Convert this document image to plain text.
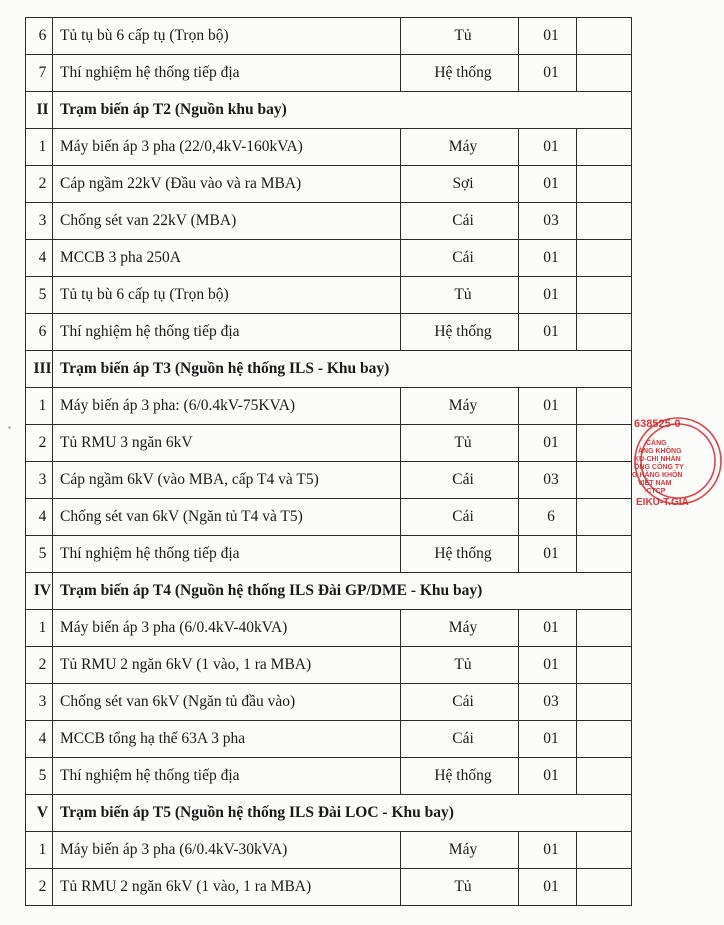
6	Tủ tụ bù 6 cấp tụ (Trọn bộ)	Tủ	01	
7	Thí nghiệm hệ thống tiếp địa	Hệ thống	01	
II	Trạm biến áp T2 (Nguồn khu bay)			
1	Máy biến áp 3 pha (22/0,4kV-160kVA)	Máy	01	
2	Cáp ngầm 22kV (Đầu vào và ra MBA)	Sợi	01	
3	Chống sét van 22kV (MBA)	Cái	03	
4	MCCB 3 pha 250A	Cái	01	
5	Tủ tụ bù 6 cấp tụ (Trọn bộ)	Tủ	01	
6	Thí nghiệm hệ thống tiếp địa	Hệ thống	01	
III	Trạm biến áp T3 (Nguồn hệ thống ILS - Khu bay)			
1	Máy biến áp 3 pha: (6/0.4kV-75KVA)	Máy	01	
2	Tủ RMU 3 ngăn 6kV	Tủ	01	
3	Cáp ngầm 6kV (vào MBA, cấp T4 và T5)	Cái	03	
4	Chống sét van 6kV (Ngăn tủ T4 và T5)	Cái	6	
5	Thí nghiệm hệ thống tiếp địa	Hệ thống	01	
IV	Trạm biến áp T4 (Nguồn hệ thống ILS Đài GP/DME - Khu bay)			
1	Máy biến áp 3 pha (6/0.4kV-40kVA)	Máy	01	
2	Tủ RMU 2 ngăn 6kV (1 vào, 1 ra MBA)	Tủ	01	
3	Chống sét van 6kV (Ngăn tủ đầu vào)	Cái	03	
4	MCCB tổng hạ thế 63A 3 pha	Cái	01	
5	Thí nghiệm hệ thống tiếp địa	Hệ thống	01	
V	Trạm biến áp T5 (Nguồn hệ thống ILS Đài LOC - Khu bay)			
1	Máy biến áp 3 pha (6/0.4kV-30kVA)	Máy	01	
2	Tủ RMU 2 ngăn 6kV (1 vào, 1 ra MBA)	Tủ	01	
638525-0
CẢNG
ÀNG KHÔNG
KU-CHI NHÁN
ỔNG CÔNG TY
G HÀNG KHÔN
VIỆT NAM
-CTCP
EIKU-T.GIA
